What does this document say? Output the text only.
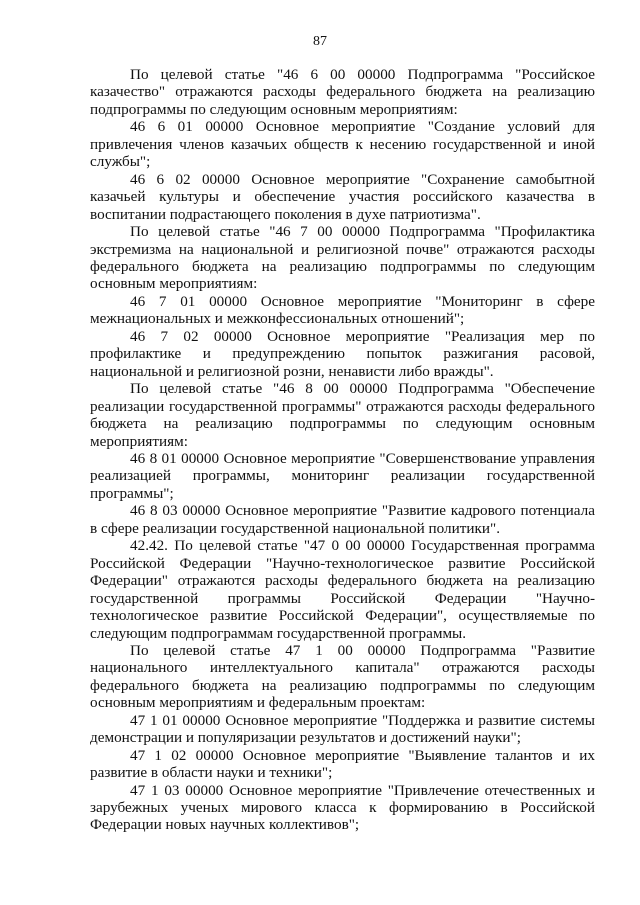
87

По целевой статье "46 6 00 00000 Подпрограмма "Российское казачество" отражаются расходы федерального бюджета на реализацию подпрограммы по следующим основным мероприятиям:

46 6 01 00000 Основное мероприятие "Создание условий для привлечения членов казачьих обществ к несению государственной и иной службы";

46 6 02 00000 Основное мероприятие "Сохранение самобытной казачьей культуры и обеспечение участия российского казачества в воспитании подрастающего поколения в духе патриотизма".

По целевой статье "46 7 00 00000 Подпрограмма "Профилактика экстремизма на национальной и религиозной почве" отражаются расходы федерального бюджета на реализацию подпрограммы по следующим основным мероприятиям:

46 7 01 00000 Основное мероприятие "Мониторинг в сфере межнациональных и межконфессиональных отношений";

46 7 02 00000 Основное мероприятие "Реализация мер по профилактике и предупреждению попыток разжигания расовой, национальной и религиозной розни, ненависти либо вражды".

По целевой статье "46 8 00 00000 Подпрограмма "Обеспечение реализации государственной программы" отражаются расходы федерального бюджета на реализацию подпрограммы по следующим основным мероприятиям:

46 8 01 00000 Основное мероприятие "Совершенствование управления реализацией программы, мониторинг реализации государственной программы";

46 8 03 00000 Основное мероприятие "Развитие кадрового потенциала в сфере реализации государственной национальной политики".

42.42. По целевой статье "47 0 00 00000 Государственная программа Российской Федерации "Научно-технологическое развитие Российской Федерации" отражаются расходы федерального бюджета на реализацию государственной программы Российской Федерации "Научно-технологическое развитие Российской Федерации", осуществляемые по следующим подпрограммам государственной программы.

По целевой статье 47 1 00 00000 Подпрограмма "Развитие национального интеллектуального капитала" отражаются расходы федерального бюджета на реализацию подпрограммы по следующим основным мероприятиям и федеральным проектам:

47 1 01 00000 Основное мероприятие "Поддержка и развитие системы демонстрации и популяризации результатов и достижений науки";

47 1 02 00000 Основное мероприятие "Выявление талантов и их развитие в области науки и техники";

47 1 03 00000 Основное мероприятие "Привлечение отечественных и зарубежных ученых мирового класса к формированию в Российской Федерации новых научных коллективов";
